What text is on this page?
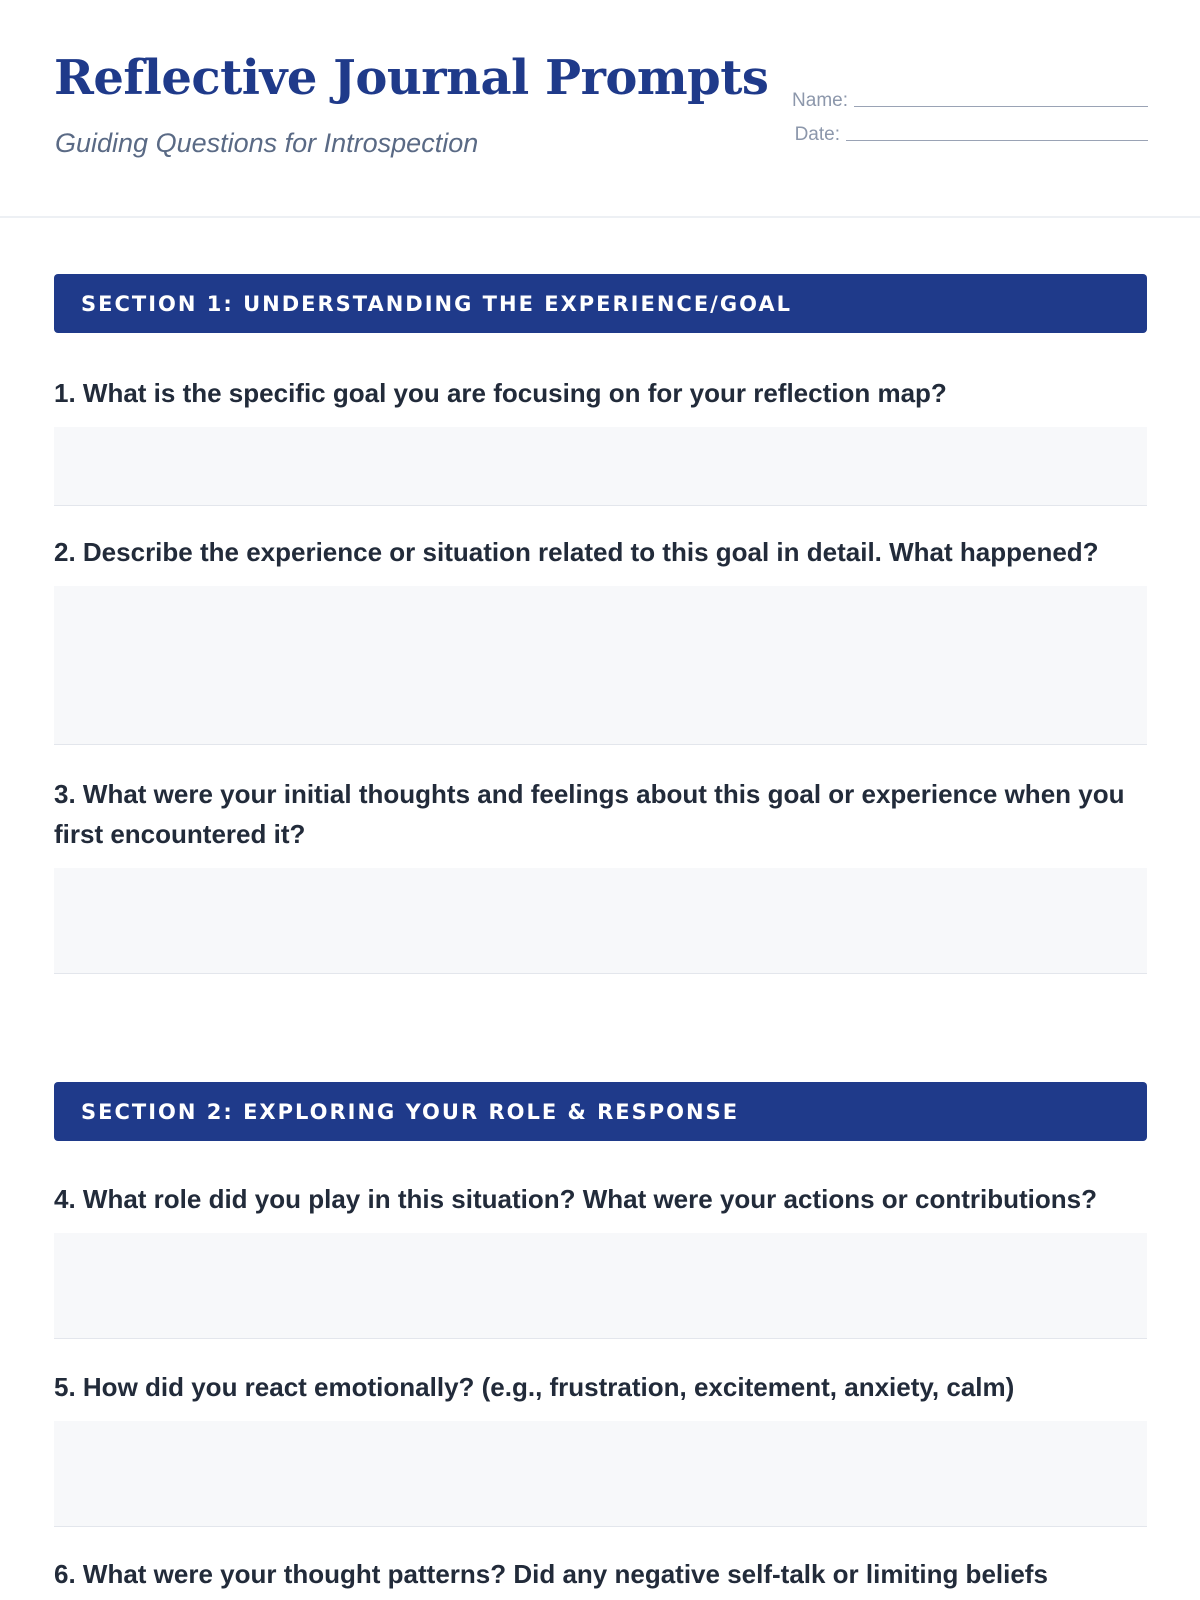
Reflective Journal Prompts
Guiding Questions for Introspection
Name:
Date:
SECTION 1: UNDERSTANDING THE EXPERIENCE/GOAL

1. What is the specific goal you are focusing on for your reflection map?

2. Describe the experience or situation related to this goal in detail. What happened?

3. What were your initial thoughts and feelings about this goal or experience when you first encountered it?

SECTION 2: EXPLORING YOUR ROLE & RESPONSE

4. What role did you play in this situation? What were your actions or contributions?

5. How did you react emotionally? (e.g., frustration, excitement, anxiety, calm)

6. What were your thought patterns? Did any negative self-talk or limiting beliefs
